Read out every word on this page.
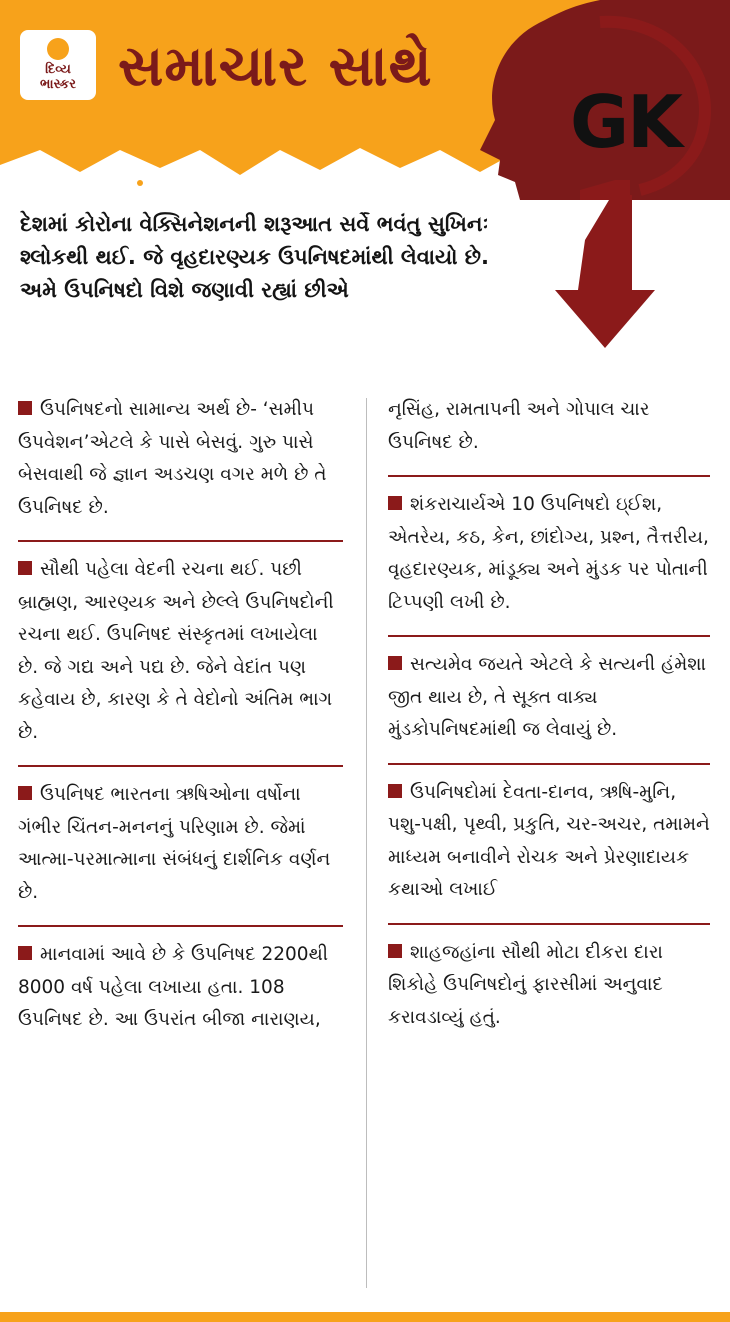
દિવ્ય
ભાસ્કર સમાચાર સાથે
GK
દેશમાં કોરોના વેક્સિનેશનની શરૂઆત સર્વે ભવંતુ સુખિનઃ શ્લોકથી થઈ. જે વૃહદારણ્યક ઉપનિષદમાંથી લેવાયો છે. અમે ઉપનિષદો વિશે જણાવી રહ્યાં છીએ

ઉપનિષદનો સામાન્ય અર્થ છે- ‘સમીપ ઉપવેશન’એટલે કે પાસે બેસવું. ગુરુ પાસે બેસવાથી જે જ્ઞાન અડચણ વગર મળે છે તે ઉપનિષદ છે.

સૌથી પહેલા વેદની રચના થઈ. પછી બ્રાહ્મણ, આરણ્યક અને છેલ્લે ઉપનિષદોની રચના થઈ. ઉપનિષદ સંસ્કૃતમાં લખાયેલા છે. જે ગદ્ય અને પદ્ય છે. જેને વેદાંત પણ કહેવાય છે, કારણ કે તે વેદોનો અંતિમ ભાગ છે.

ઉપનિષદ ભારતના ઋષિઓના વર્ષોના ગંભીર ચિંતન-મનનનું પરિણામ છે. જેમાં આત્મા-પરમાત્માના સંબંધનું દાર્શનિક વર્ણન છે.

માનવામાં આવે છે કે ઉપનિષદ 2200થી 8000 વર્ષ પહેલા લખાયા હતા. 108 ઉપનિષદ છે. આ ઉપરાંત બીજા નારાણય,

નૃસિંહ, રામતાપની અને ગોપાલ ચાર ઉપનિષદ છે.

શંકરાચાર્યએ 10 ઉપનિષદો ઇ્ઈશ, એતરેય, કઠ, કેન, છાંદોગ્ય, પ્રશ્ન, તૈત્તરીય, વૃહદારણ્યક, માંડૂક્ય અને મુંડક પર પોતાની ટિપ્પણી લખી છે.

સત્યમેવ જયતે એટલે કે સત્યની હંમેશા જીત થાય છે, તે સૂક્ત વાક્ય મુંડકોપનિષદમાંથી જ લેવાયું છે.

ઉપનિષદોમાં દેવતા-દાનવ, ઋષિ-મુનિ, પશુ-પક્ષી, પૃથ્વી, પ્રકુતિ, ચર-અચર, તમામને માધ્યમ બનાવીને રોચક અને પ્રેરણાદાયક કથાઓ લખાઈ

શાહજહાંના સૌથી મોટા દીકરા દારા શિકોહે ઉપનિષદોનું ફારસીમાં અનુવાદ કરાવડાવ્યું હતું.
